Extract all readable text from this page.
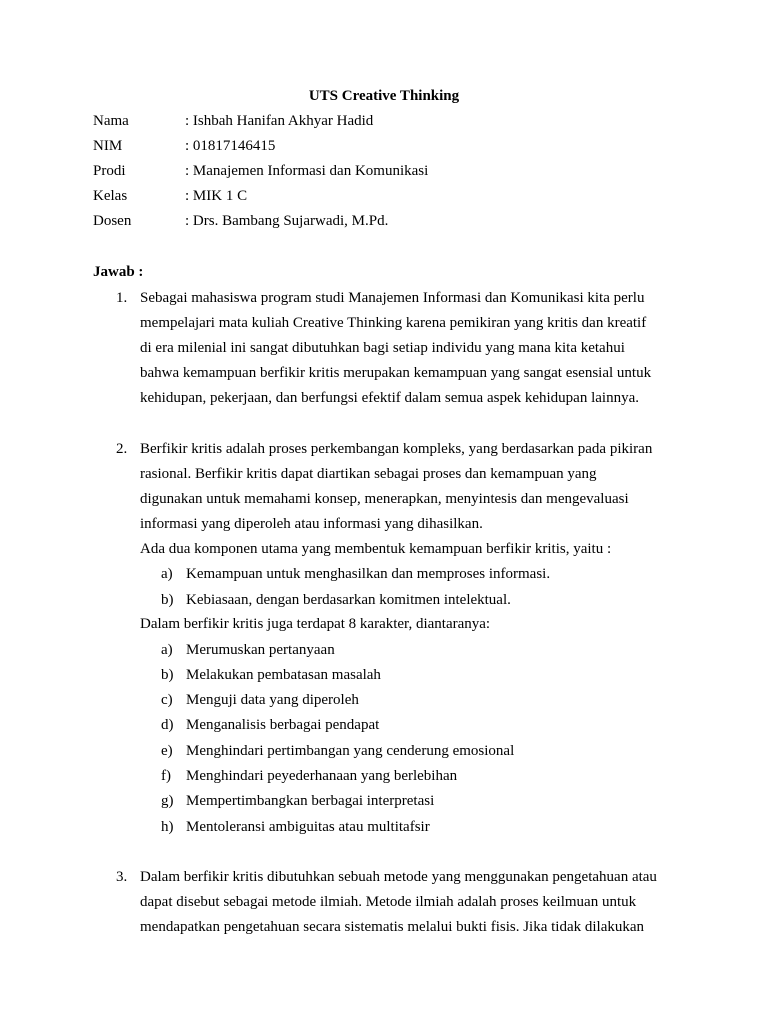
UTS Creative Thinking
Nama	: Ishbah Hanifan Akhyar Hadid
NIM	: 01817146415
Prodi	: Manajemen Informasi dan Komunikasi
Kelas	: MIK 1 C
Dosen	: Drs. Bambang Sujarwadi, M.Pd.
Jawab :
1. Sebagai mahasiswa program studi Manajemen Informasi dan Komunikasi kita perlu
mempelajari mata kuliah Creative Thinking karena pemikiran yang kritis dan kreatif
di era milenial ini sangat dibutuhkan bagi setiap individu yang mana kita ketahui
bahwa kemampuan berfikir kritis merupakan kemampuan yang sangat esensial untuk
kehidupan, pekerjaan, dan berfungsi efektif dalam semua aspek kehidupan lainnya.
2. Berfikir kritis adalah proses perkembangan kompleks, yang berdasarkan pada pikiran
rasional. Berfikir kritis dapat diartikan sebagai proses dan kemampuan yang
digunakan untuk memahami konsep, menerapkan, menyintesis dan mengevaluasi
informasi yang diperoleh atau informasi yang dihasilkan.
Ada dua komponen utama yang membentuk kemampuan berfikir kritis, yaitu :
a) Kemampuan untuk menghasilkan dan memproses informasi.
b) Kebiasaan, dengan berdasarkan komitmen intelektual.
Dalam berfikir kritis juga terdapat 8 karakter, diantaranya:
a) Merumuskan pertanyaan
b) Melakukan pembatasan masalah
c) Menguji data yang diperoleh
d) Menganalisis berbagai pendapat
e) Menghindari pertimbangan yang cenderung emosional
f) Menghindari peyederhanaan yang berlebihan
g) Mempertimbangkan berbagai interpretasi
h) Mentoleransi ambiguitas atau multitafsir
3. Dalam berfikir kritis dibutuhkan sebuah metode yang menggunakan pengetahuan atau
dapat disebut sebagai metode ilmiah. Metode ilmiah adalah proses keilmuan untuk
mendapatkan pengetahuan secara sistematis melalui bukti fisis. Jika tidak dilakukan
